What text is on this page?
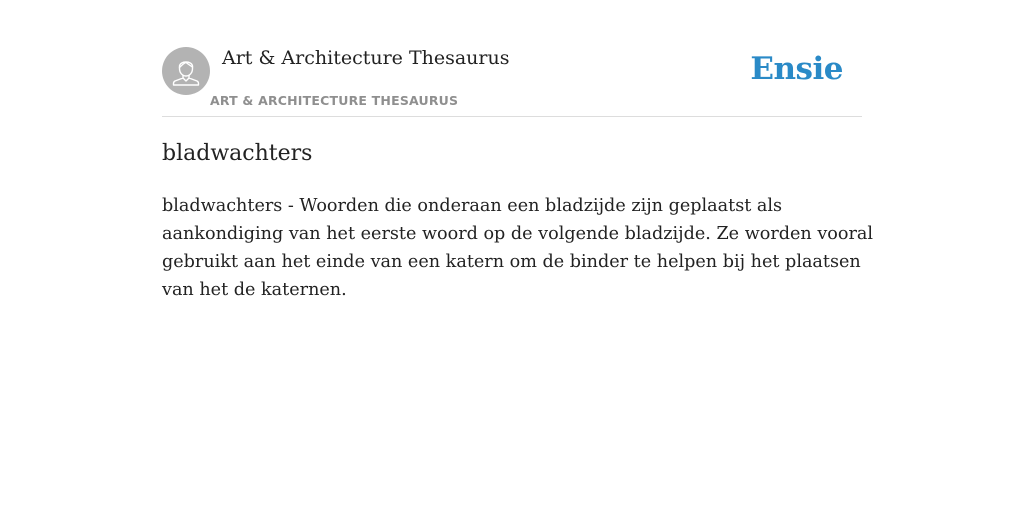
Art & Architecture Thesaurus
ART & ARCHITECTURE THESAURUS
Ensie
bladwachters

bladwachters - Woorden die onderaan een bladzijde zijn geplaatst als
aankondiging van het eerste woord op de volgende bladzijde. Ze worden vooral
gebruikt aan het einde van een katern om de binder te helpen bij het plaatsen
van het de katernen.
